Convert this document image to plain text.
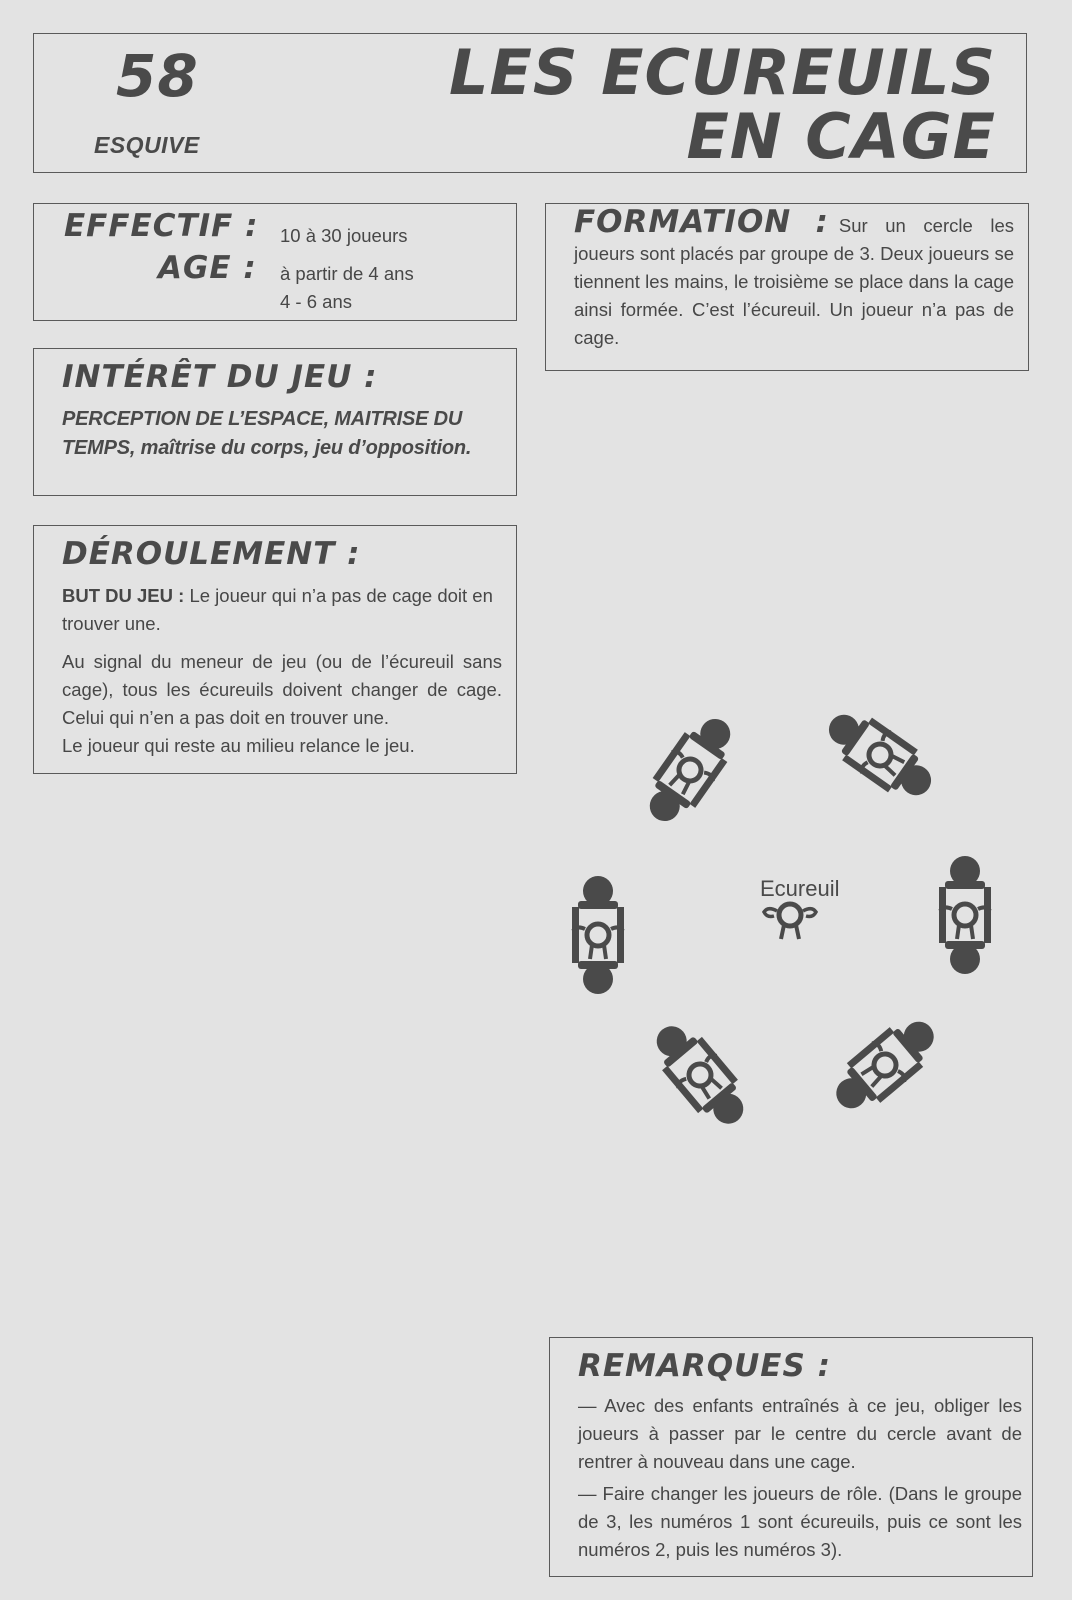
58
ESQUIVE
LES ECUREUILS
EN CAGE
EFFECTIF : 10 à 30 joueurs
AGE : à partir de 4 ans
4 - 6 ans
INTÉRÊT DU JEU :
PERCEPTION DE L’ESPACE, MAITRISE DU TEMPS, maîtrise du corps, jeu d’opposition.
DÉROULEMENT :
BUT DU JEU : Le joueur qui n’a pas de cage doit en trouver une.
Au signal du meneur de jeu (ou de l’écureuil sans cage), tous les écureuils doivent changer de cage. Celui qui n’en a pas doit en trouver une.
Le joueur qui reste au milieu relance le jeu.
FORMATION : Sur un cercle les joueurs sont placés par groupe de 3. Deux joueurs se tiennent les mains, le troisième se place dans la cage ainsi formée. C’est l’écureuil. Un joueur n’a pas de cage.
Ecureuil
REMARQUES :
— Avec des enfants entraînés à ce jeu, obliger les joueurs à passer par le centre du cercle avant de rentrer à nouveau dans une cage.
— Faire changer les joueurs de rôle. (Dans le groupe de 3, les numéros 1 sont écureuils, puis ce sont les numéros 2, puis les numéros 3).
